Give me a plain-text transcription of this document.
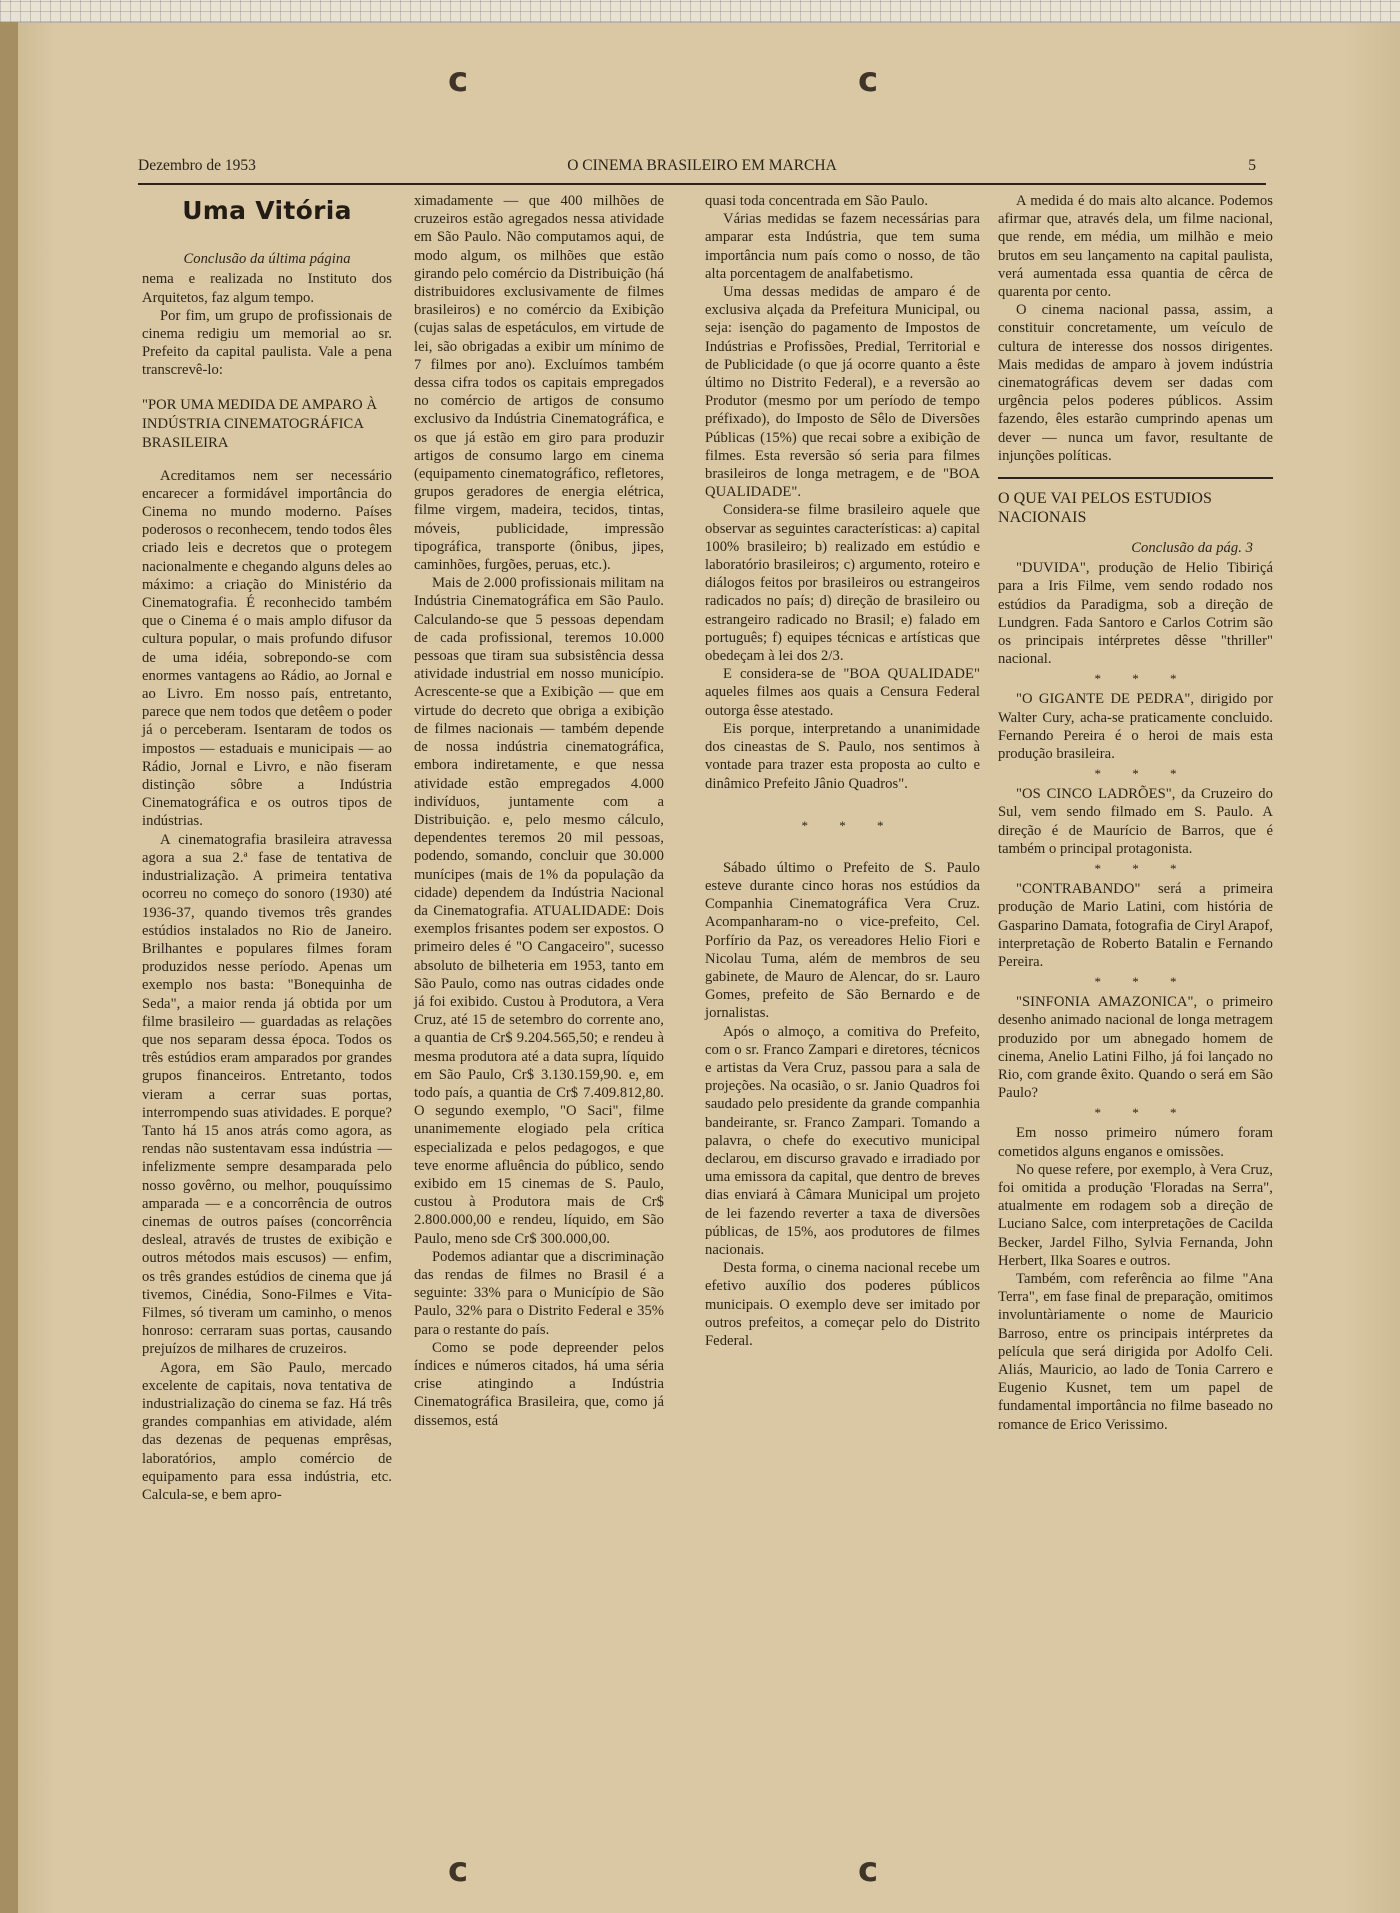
c	c
c	c
Dezembro de 1953	O CINEMA BRASILEIRO EM MARCHA	5
Uma Vitória

Conclusão da última página

nema e realizada no Instituto dos Arquitetos, faz algum tempo.

Por fim, um grupo de profissionais de cinema redigiu um memorial ao sr. Prefeito da capital paulista. Vale a pena transcrevê-lo:

"POR UMA MEDIDA DE AMPARO À INDÚSTRIA CINEMATOGRÁFICA BRASILEIRA

Acreditamos nem ser necessário encarecer a formidável importância do Cinema no mundo moderno. Países poderosos o reconhecem, tendo todos êles criado leis e decretos que o protegem nacionalmente e chegando alguns deles ao máximo: a criação do Ministério da Cinematografia. É reconhecido também que o Cinema é o mais amplo difusor da cultura popular, o mais profundo difusor de uma idéia, sobrepondo-se com enormes vantagens ao Rádio, ao Jornal e ao Livro. Em nosso país, entretanto, parece que nem todos que detêem o poder já o perceberam. Isentaram de todos os impostos — estaduais e municipais — ao Rádio, Jornal e Livro, e não fiseram distinção sôbre a Indústria Cinematográfica e os outros tipos de indústrias.

A cinematografia brasileira atravessa agora a sua 2.ª fase de tentativa de industrialização. A primeira tentativa ocorreu no começo do sonoro (1930) até 1936-37, quando tivemos três grandes estúdios instalados no Rio de Janeiro. Brilhantes e populares filmes foram produzidos nesse período. Apenas um exemplo nos basta: "Bonequinha de Seda", a maior renda já obtida por um filme brasileiro — guardadas as relações que nos separam dessa época. Todos os três estúdios eram amparados por grandes grupos financeiros. Entretanto, todos vieram a cerrar suas portas, interrompendo suas atividades. E porque? Tanto há 15 anos atrás como agora, as rendas não sustentavam essa indústria — infelizmente sempre desamparada pelo nosso govêrno, ou melhor, pouquíssimo amparada — e a concorrência de outros cinemas de outros países (concorrência desleal, através de trustes de exibição e outros métodos mais escusos) — enfim, os três grandes estúdios de cinema que já tivemos, Cinédia, Sono-Filmes e Vita-Filmes, só tiveram um caminho, o menos honroso: cerraram suas portas, causando prejuízos de milhares de cruzeiros.

Agora, em São Paulo, mercado excelente de capitais, nova tentativa de industrialização do cinema se faz. Há três grandes companhias em atividade, além das dezenas de pequenas emprêsas, laboratórios, amplo comércio de equipamento para essa indústria, etc. Calcula-se, e bem apro-

ximadamente — que 400 milhões de cruzeiros estão agregados nessa atividade em São Paulo. Não computamos aqui, de modo algum, os milhões que estão girando pelo comércio da Distribuição (há distribuidores exclusivamente de filmes brasileiros) e no comércio da Exibição (cujas salas de espetáculos, em virtude de lei, são obrigadas a exibir um mínimo de 7 filmes por ano). Excluímos também dessa cifra todos os capitais empregados no comércio de artigos de consumo exclusivo da Indústria Cinematográfica, e os que já estão em giro para produzir artigos de consumo largo em cinema (equipamento cinematográfico, refletores, grupos geradores de energia elétrica, filme virgem, madeira, tecidos, tintas, móveis, publicidade, impressão tipográfica, transporte (ônibus, jipes, caminhões, furgões, peruas, etc.).

Mais de 2.000 profissionais militam na Indústria Cinematográfica em São Paulo. Calculando-se que 5 pessoas dependam de cada profissional, teremos 10.000 pessoas que tiram sua subsistência dessa atividade industrial em nosso município. Acrescente-se que a Exibição — que em virtude do decreto que obriga a exibição de filmes nacionais — também depende de nossa indústria cinematográfica, embora indiretamente, e que nessa atividade estão empregados 4.000 indivíduos, juntamente com a Distribuição. e, pelo mesmo cálculo, dependentes teremos 20 mil pessoas, podendo, somando, concluir que 30.000 munícipes (mais de 1% da população da cidade) dependem da Indústria Nacional da Cinematografia. ATUALIDADE: Dois exemplos frisantes podem ser expostos. O primeiro deles é "O Cangaceiro", sucesso absoluto de bilheteria em 1953, tanto em São Paulo, como nas outras cidades onde já foi exibido. Custou à Produtora, a Vera Cruz, até 15 de setembro do corrente ano, a quantia de Cr$ 9.204.565,50; e rendeu à mesma produtora até a data supra, líquido em São Paulo, Cr$ 3.130.159,90. e, em todo país, a quantia de Cr$ 7.409.812,80. O segundo exemplo, "O Saci", filme unanimemente elogiado pela crítica especializada e pelos pedagogos, e que teve enorme afluência do público, sendo exibido em 15 cinemas de S. Paulo, custou à Produtora mais de Cr$ 2.800.000,00 e rendeu, líquido, em São Paulo, meno sde Cr$ 300.000,00.

Podemos adiantar que a discriminação das rendas de filmes no Brasil é a seguinte: 33% para o Município de São Paulo, 32% para o Distrito Federal e 35% para o restante do país.

Como se pode depreender pelos índices e números citados, há uma séria crise atingindo a Indústria Cinematográfica Brasileira, que, como já dissemos, está

quasi toda concentrada em São Paulo.

Várias medidas se fazem necessárias para amparar esta Indústria, que tem suma importância num país como o nosso, de tão alta porcentagem de analfabetismo.

Uma dessas medidas de amparo é de exclusiva alçada da Prefeitura Municipal, ou seja: isenção do pagamento de Impostos de Indústrias e Profissões, Predial, Territorial e de Publicidade (o que já ocorre quanto a êste último no Distrito Federal), e a reversão ao Produtor (mesmo por um período de tempo préfixado), do Imposto de Sêlo de Diversões Públicas (15%) que recai sobre a exibição de filmes. Esta reversão só seria para filmes brasileiros de longa metragem, e de "BOA QUALIDADE".

Considera-se filme brasileiro aquele que observar as seguintes características: a) capital 100% brasileiro; b) realizado em estúdio e laboratório brasileiros; c) argumento, roteiro e diálogos feitos por brasileiros ou estrangeiros radicados no país; d) direção de brasileiro ou estrangeiro radicado no Brasil; e) falado em português; f) equipes técnicas e artísticas que obedeçam à lei dos 2/3.

E considera-se de "BOA QUALIDADE" aqueles filmes aos quais a Censura Federal outorga êsse atestado.

Eis porque, interpretando a unanimidade dos cineastas de S. Paulo, nos sentimos à vontade para trazer esta proposta ao culto e dinâmico Prefeito Jânio Quadros".

* * *

Sábado último o Prefeito de S. Paulo esteve durante cinco horas nos estúdios da Companhia Cinematográfica Vera Cruz. Acompanharam-no o vice-prefeito, Cel. Porfírio da Paz, os vereadores Helio Fiori e Nicolau Tuma, além de membros de seu gabinete, de Mauro de Alencar, do sr. Lauro Gomes, prefeito de São Bernardo e de jornalistas.

Após o almoço, a comitiva do Prefeito, com o sr. Franco Zampari e diretores, técnicos e artistas da Vera Cruz, passou para a sala de projeções. Na ocasião, o sr. Janio Quadros foi saudado pelo presidente da grande companhia bandeirante, sr. Franco Zampari. Tomando a palavra, o chefe do executivo municipal declarou, em discurso gravado e irradiado por uma emissora da capital, que dentro de breves dias enviará à Câmara Municipal um projeto de lei fazendo reverter a taxa de diversões públicas, de 15%, aos produtores de filmes nacionais.

Desta forma, o cinema nacional recebe um efetivo auxílio dos poderes públicos municipais. O exemplo deve ser imitado por outros prefeitos, a começar pelo do Distrito Federal.

A medida é do mais alto alcance. Podemos afirmar que, através dela, um filme nacional, que rende, em média, um milhão e meio brutos em seu lançamento na capital paulista, verá aumentada essa quantia de cêrca de quarenta por cento.

O cinema nacional passa, assim, a constituir concretamente, um veículo de cultura de interesse dos nossos dirigentes. Mais medidas de amparo à jovem indústria cinematográficas devem ser dadas com urgência pelos poderes públicos. Assim fazendo, êles estarão cumprindo apenas um dever — nunca um favor, resultante de injunções políticas.

O QUE VAI PELOS ESTUDIOS NACIONAIS

Conclusão da pág. 3

"DUVIDA", produção de Helio Tibiriçá para a Iris Filme, vem sendo rodado nos estúdios da Paradigma, sob a direção de Lundgren. Fada Santoro e Carlos Cotrim são os principais intérpretes dêsse "thriller" nacional.

* * *

"O GIGANTE DE PEDRA", dirigido por Walter Cury, acha-se praticamente concluido. Fernando Pereira é o heroi de mais esta produção brasileira.

* * *

"OS CINCO LADRÕES", da Cruzeiro do Sul, vem sendo filmado em S. Paulo. A direção é de Maurício de Barros, que é também o principal protagonista.

* * *

"CONTRABANDO" será a primeira produção de Mario Latini, com história de Gasparino Damata, fotografia de Ciryl Arapof, interpretação de Roberto Batalin e Fernando Pereira.

* * *

"SINFONIA AMAZONICA", o primeiro desenho animado nacional de longa metragem produzido por um abnegado homem de cinema, Anelio Latini Filho, já foi lançado no Rio, com grande êxito. Quando o será em São Paulo?

* * *

Em nosso primeiro número foram cometidos alguns enganos e omissões.

No quese refere, por exemplo, à Vera Cruz, foi omitida a produção 'Floradas na Serra", atualmente em rodagem sob a direção de Luciano Salce, com interpretações de Cacilda Becker, Jardel Filho, Sylvia Fernanda, John Herbert, Ilka Soares e outros.

Também, com referência ao filme "Ana Terra", em fase final de preparação, omitimos involuntàriamente o nome de Mauricio Barroso, entre os principais intérpretes da película que será dirigida por Adolfo Celi. Aliás, Mauricio, ao lado de Tonia Carrero e Eugenio Kusnet, tem um papel de fundamental importância no filme baseado no romance de Erico Verissimo.
